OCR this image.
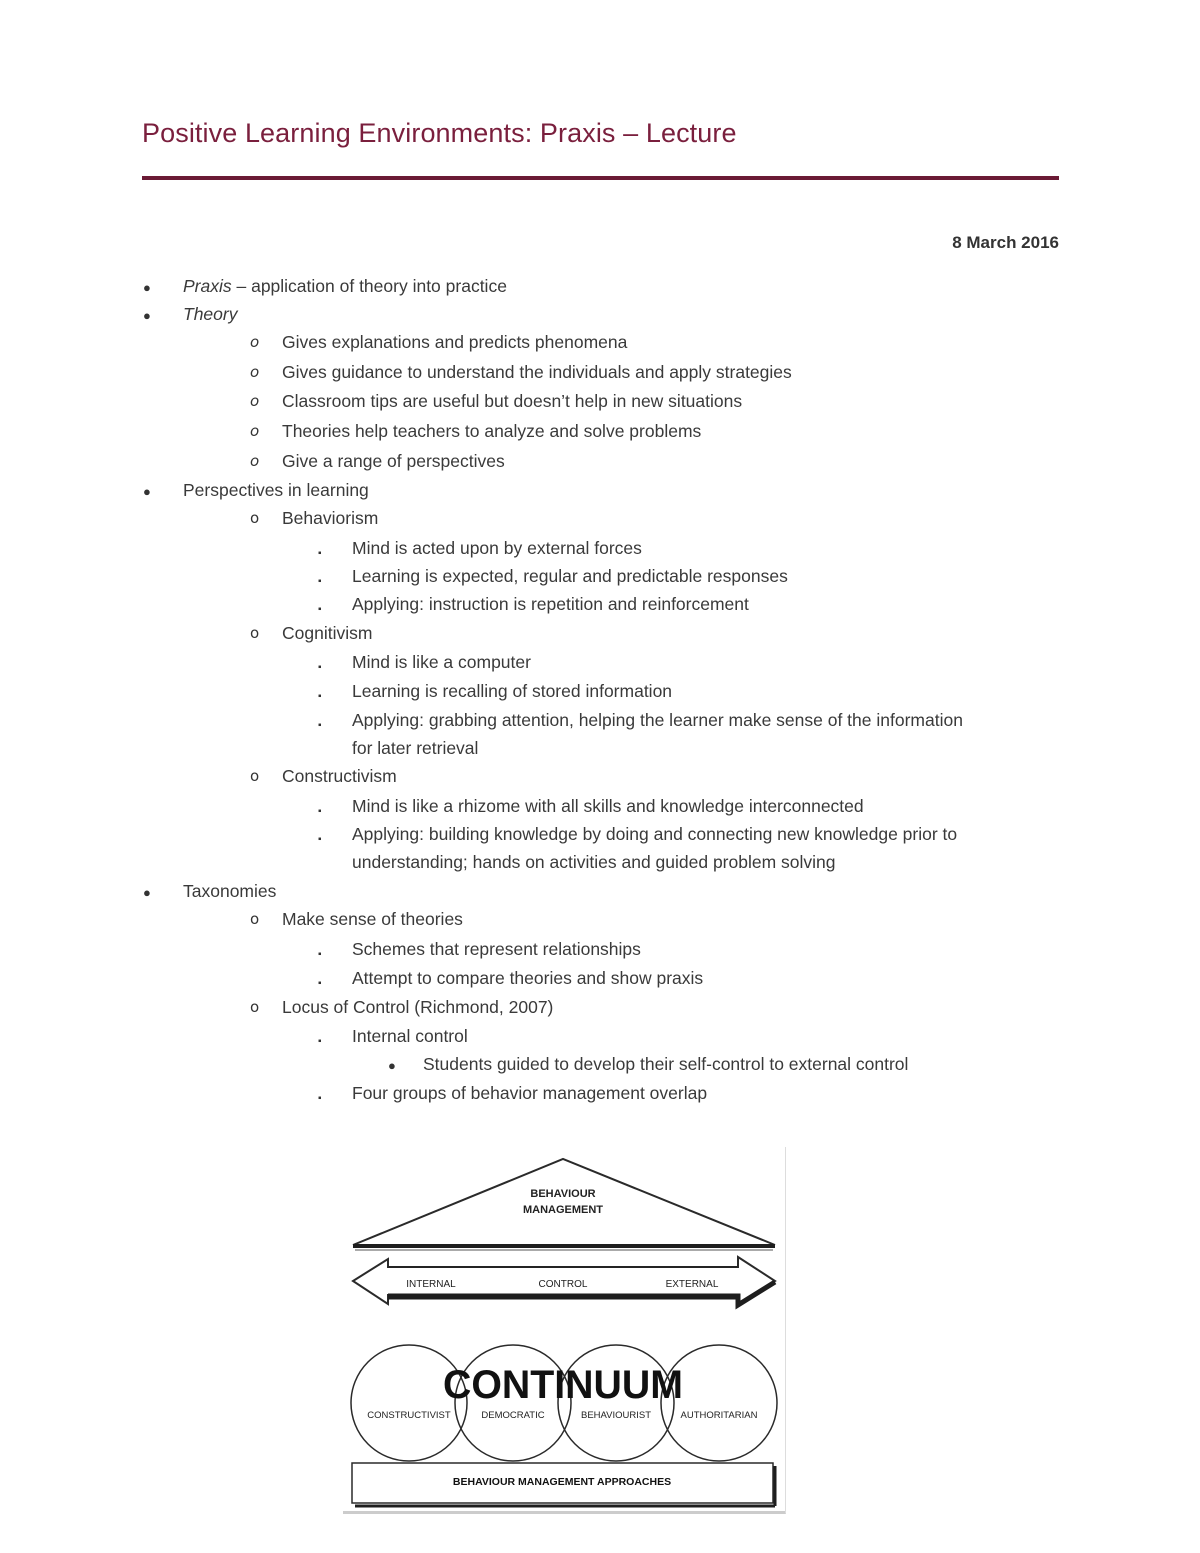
Positive Learning Environments: Praxis – Lecture
8 March 2016
●	Praxis – application of theory into practice
●	Theory
o	Gives explanations and predicts phenomena
o	Gives guidance to understand the individuals and apply strategies
o	Classroom tips are useful but doesn’t help in new situations
o	Theories help teachers to analyze and solve problems
o	Give a range of perspectives
●	Perspectives in learning
o	Behaviorism
▪	Mind is acted upon by external forces
▪	Learning is expected, regular and predictable responses
▪	Applying: instruction is repetition and reinforcement
o	Cognitivism
▪	Mind is like a computer
▪	Learning is recalling of stored information
▪	Applying: grabbing attention, helping the learner make sense of the information
for later retrieval
o	Constructivism
▪	Mind is like a rhizome with all skills and knowledge interconnected
▪	Applying: building knowledge by doing and connecting new knowledge prior to
understanding; hands on activities and guided problem solving
●	Taxonomies
o	Make sense of theories
▪	Schemes that represent relationships
▪	Attempt to compare theories and show praxis
o	Locus of Control (Richmond, 2007)
▪	Internal control
●	Students guided to develop their self-control to external control
▪	Four groups of behavior management overlap
BEHAVIOUR
MANAGEMENT
INTERNAL	CONTROL	EXTERNAL
CONTINUUM
CONSTRUCTIVIST	DEMOCRATIC	BEHAVIOURIST	AUTHORITARIAN
BEHAVIOUR MANAGEMENT APPROACHES
